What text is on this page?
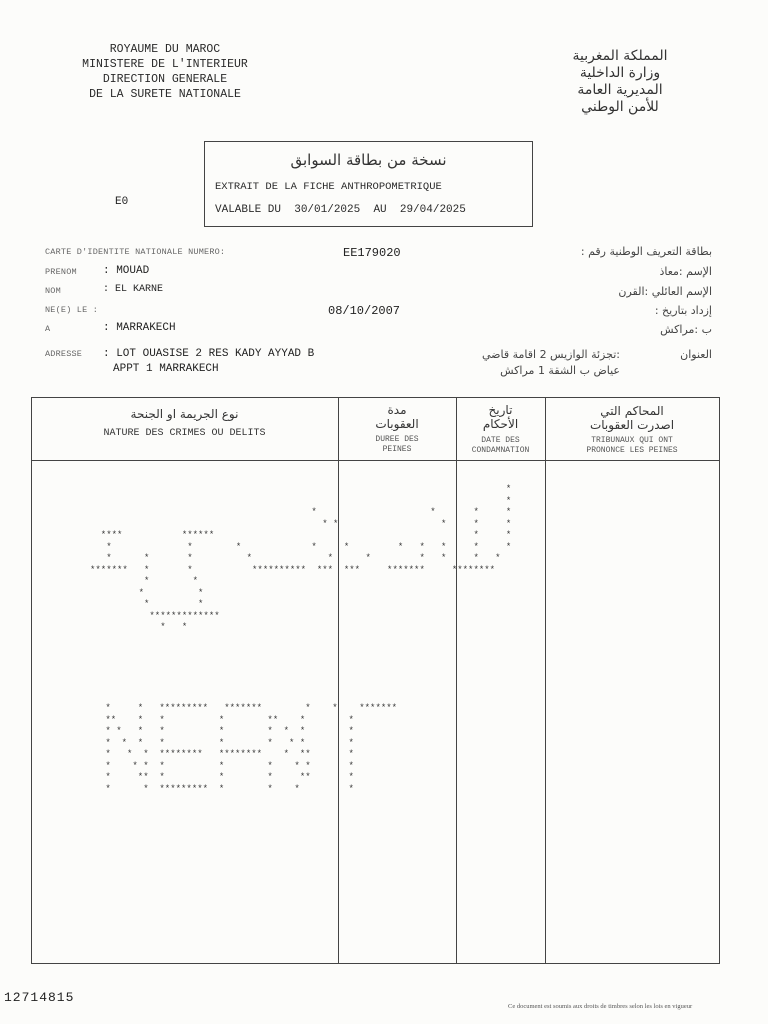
ROYAUME DU MAROC
MINISTERE DE L'INTERIEUR
DIRECTION GENERALE
DE LA SURETE NATIONALE
المملكة المغربية
وزارة الداخلية
المديرية العامة
للأمن الوطني
نسخة من بطاقة السوابق
EXTRAIT DE LA FICHE ANTHROPOMETRIQUE
VALABLE DU 30/01/2025 AU 29/04/2025
E0
CARTE D'IDENTITE NATIONALE NUMERO:	EE179020	بطاقة التعريف الوطنية رقم :
PRENOM : MOUAD	الإسم :معاذ
NOM	: EL KARNE	الإسم العائلي :القرن
NE(E) LE :	08/10/2007	إزداد بتاريخ :
A	: MARRAKECH	ب :مراكش
ADRESSE : LOT OUASISE 2 RES KADY AYYAD B
APPT 1 MARRAKECH
العنوان
:تجزئة الوازيس 2 اقامة قاضي
عياض ب الشقة 1 مراكش
نوع الجريمة او الجنحة
NATURE DES CRIMES OU DELITS
مدة
العقوبات
DUREE DES
PEINES
تاريخ
الأحكام
DATE DES
CONDAMNATION
المحاكم التي
اصدرت العقوبات
TRIBUNAUX QUI ONT
PRONONCE LES PEINES
*
*
*                     *       *     *
* *                   *     *     *
****           ******                                                *     *
*              *        *             *     *         *   *   *     *     *
*      *       *          *              *      *         *   *     *   *
*******   *       *           **********  ***  ***     *******     ********
*        *
*          *
*         *
*************
*   *
*     *   *********   *******        *    *    *******
**    *   *          *        **    *        *
* *   *   *          *        *  *  *        *
*  *  *   *          *        *   * *        *
*   *  *  ********   ********    *  **       *
*    * *  *          *        *    * *       *
*     **  *          *        *     **       *
*      *  *********  *        *    *         *
12714815
Ce document est soumis aux droits de timbres selon les lois en vigueur
